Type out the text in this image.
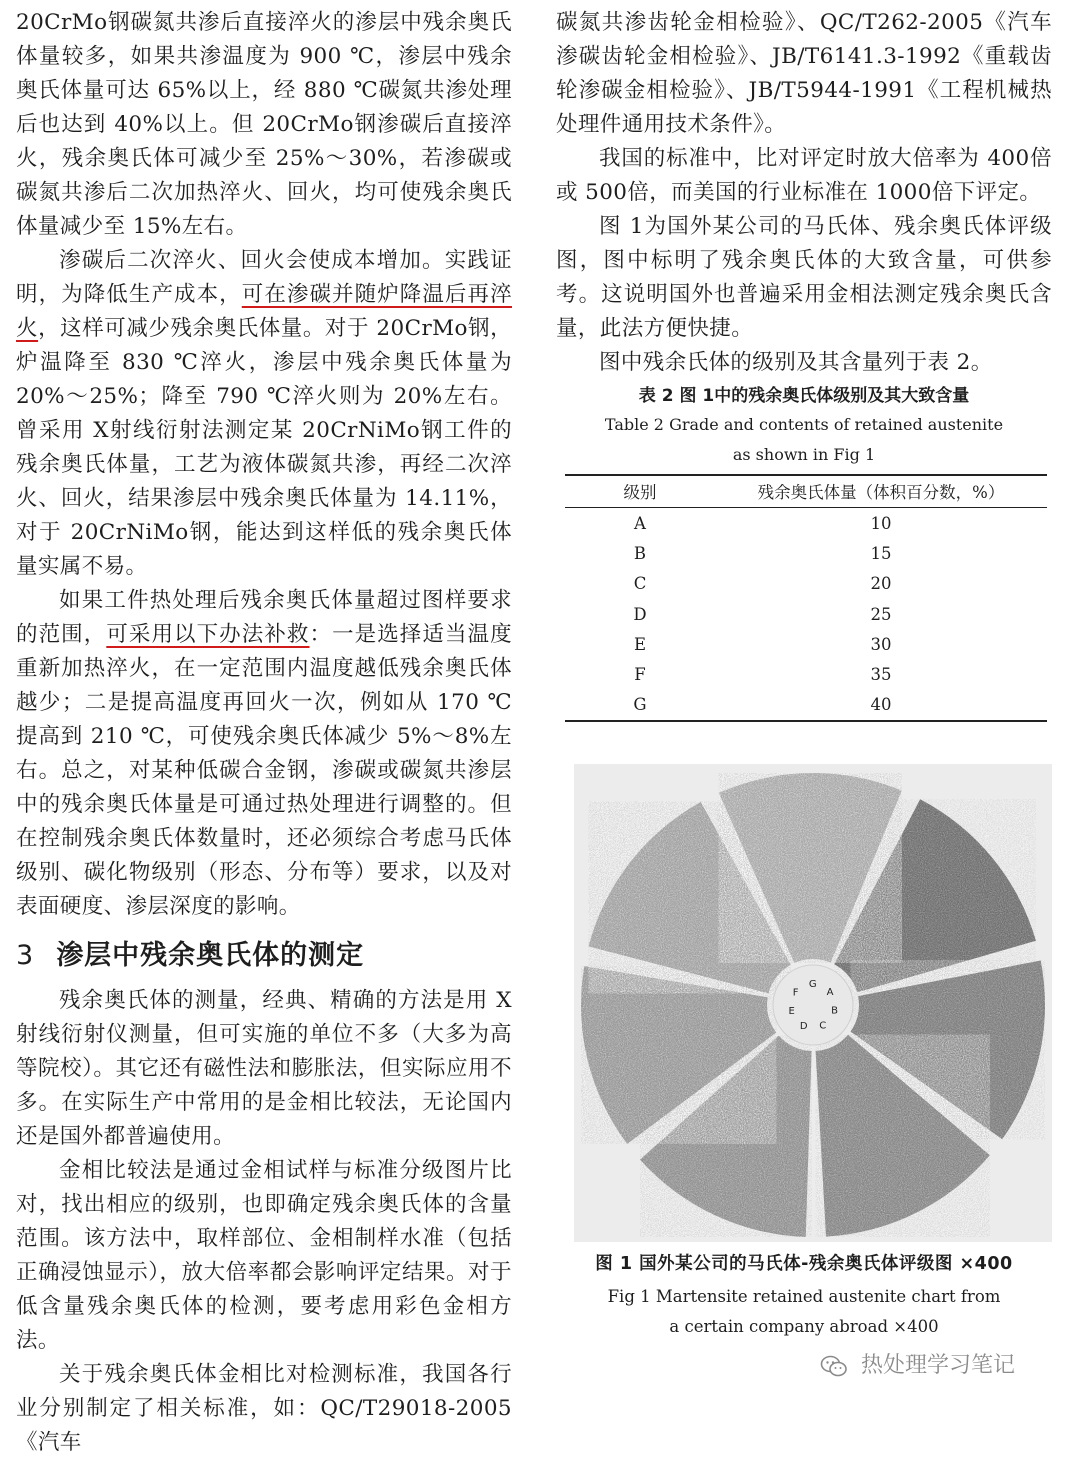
20CrMo钢碳氮共渗后直接淬火的渗层中残余奥氏体量较多，如果共渗温度为 900 ℃，渗层中残余奥氏体量可达 65%以上，经 880 ℃碳氮共渗处理后也达到 40%以上。但 20CrMo钢渗碳后直接淬火，残余奥氏体可减少至 25%～30%，若渗碳或碳氮共渗后二次加热淬火、回火，均可使残余奥氏体量减少至 15%左右。

渗碳后二次淬火、回火会使成本增加。实践证明，为降低生产成本，可在渗碳并随炉降温后再淬火，这样可减少残余奥氏体量。对于 20CrMo钢，炉温降至 830 ℃淬火，渗层中残余奥氏体量为 20%～25%；降至 790 ℃淬火则为 20%左右。曾采用 X射线衍射法测定某 20CrNiMo钢工件的残余奥氏体量，工艺为液体碳氮共渗，再经二次淬火、回火，结果渗层中残余奥氏体量为 14.11%，对于 20CrNiMo钢，能达到这样低的残余奥氏体量实属不易。

如果工件热处理后残余奥氏体量超过图样要求的范围，可采用以下办法补救：一是选择适当温度重新加热淬火，在一定范围内温度越低残余奥氏体越少；二是提高温度再回火一次，例如从 170 ℃提高到 210 ℃，可使残余奥氏体减少 5%～8%左右。总之，对某种低碳合金钢，渗碳或碳氮共渗层中的残余奥氏体量是可通过热处理进行调整的。但在控制残余奥氏体数量时，还必须综合考虑马氏体级别、碳化物级别（形态、分布等）要求，以及对表面硬度、渗层深度的影响。

3 渗层中残余奥氏体的测定

残余奥氏体的测量，经典、精确的方法是用 X射线衍射仪测量，但可实施的单位不多（大多为高等院校）。其它还有磁性法和膨胀法，但实际应用不多。在实际生产中常用的是金相比较法，无论国内还是国外都普遍使用。

金相比较法是通过金相试样与标准分级图片比对，找出相应的级别，也即确定残余奥氏体的含量范围。该方法中，取样部位、金相制样水准（包括正确浸蚀显示），放大倍率都会影响评定结果。对于低含量残余奥氏体的检测，要考虑用彩色金相方法。

关于残余奥氏体金相比对检测标准，我国各行业分别制定了相关标准，如：QC/T29018-2005《汽车

碳氮共渗齿轮金相检验》、QC/T262-2005《汽车渗碳齿轮金相检验》、JB/T6141.3-1992《重载齿轮渗碳金相检验》、JB/T5944-1991《工程机械热处理件通用技术条件》。

我国的标准中，比对评定时放大倍率为 400倍或 500倍，而美国的行业标准在 1000倍下评定。

图 1为国外某公司的马氏体、残余奥氏体评级图，图中标明了残余奥氏体的大致含量，可供参考。这说明国外也普遍采用金相法测定残余奥氏含量，此法方便快捷。

图中残余氏体的级别及其含量列于表 2。

表 2 图 1中的残余奥氏体级别及其大致含量
Table 2 Grade and contents of retained austenite
as shown in Fig 1
级别	残余奥氏体量（体积百分数，%）
A	10
B	15
C	20
D	25
E	30
F	35
G	40
A
B
C
D
E
F
G
图 1 国外某公司的马氏体-残余奥氏体评级图 ×400
Fig 1 Martensite retained austenite chart from
a certain company abroad ×400
热处理学习笔记
